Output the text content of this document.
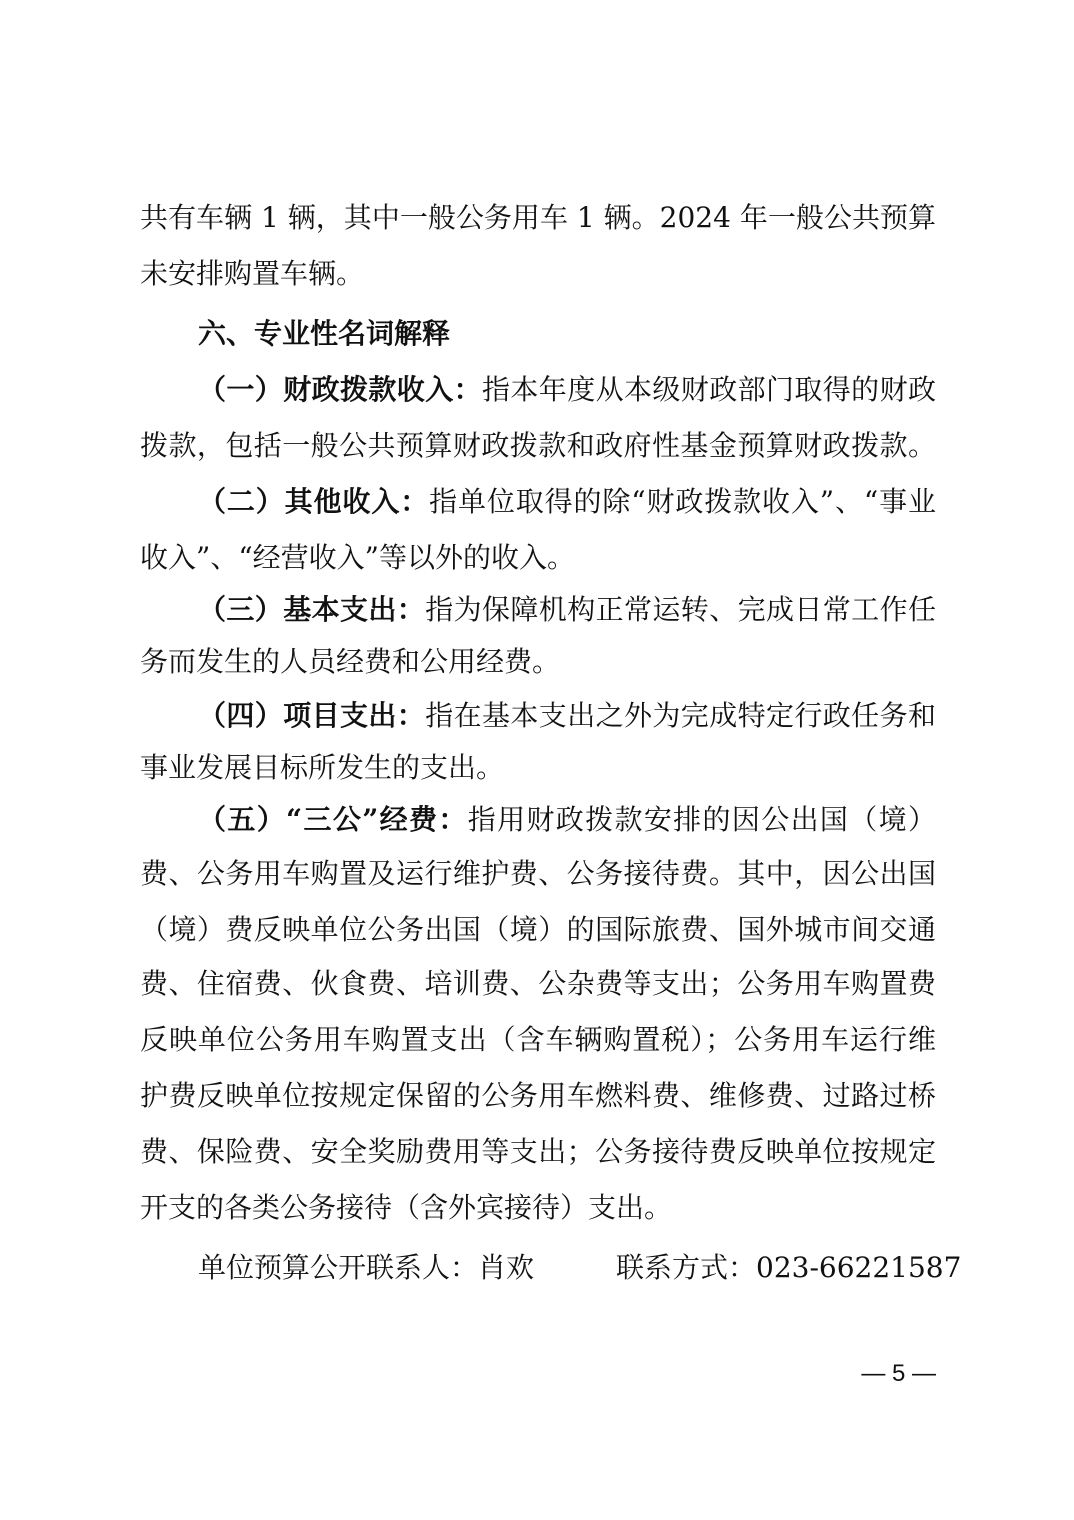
共有车辆 1 辆，其中一般公务用车 1 辆。2024 年一般公共预算
未安排购置车辆。
六、专业性名词解释
（一）财政拨款收入：指本年度从本级财政部门取得的财政
拨款，包括一般公共预算财政拨款和政府性基金预算财政拨款。
（二）其他收入：指单位取得的除“财政拨款收入”、“事业
收入”、“经营收入”等以外的收入。
（三）基本支出：指为保障机构正常运转、完成日常工作任
务而发生的人员经费和公用经费。
（四）项目支出：指在基本支出之外为完成特定行政任务和
事业发展目标所发生的支出。
（五）“三公”经费：指用财政拨款安排的因公出国（境）
费、公务用车购置及运行维护费、公务接待费。其中，因公出国
（境）费反映单位公务出国（境）的国际旅费、国外城市间交通
费、住宿费、伙食费、培训费、公杂费等支出；公务用车购置费
反映单位公务用车购置支出（含车辆购置税）；公务用车运行维
护费反映单位按规定保留的公务用车燃料费、维修费、过路过桥
费、保险费、安全奖励费用等支出；公务接待费反映单位按规定
开支的各类公务接待（含外宾接待）支出。
单位预算公开联系人：肖欢	联系方式：023-66221587
— 5 —
